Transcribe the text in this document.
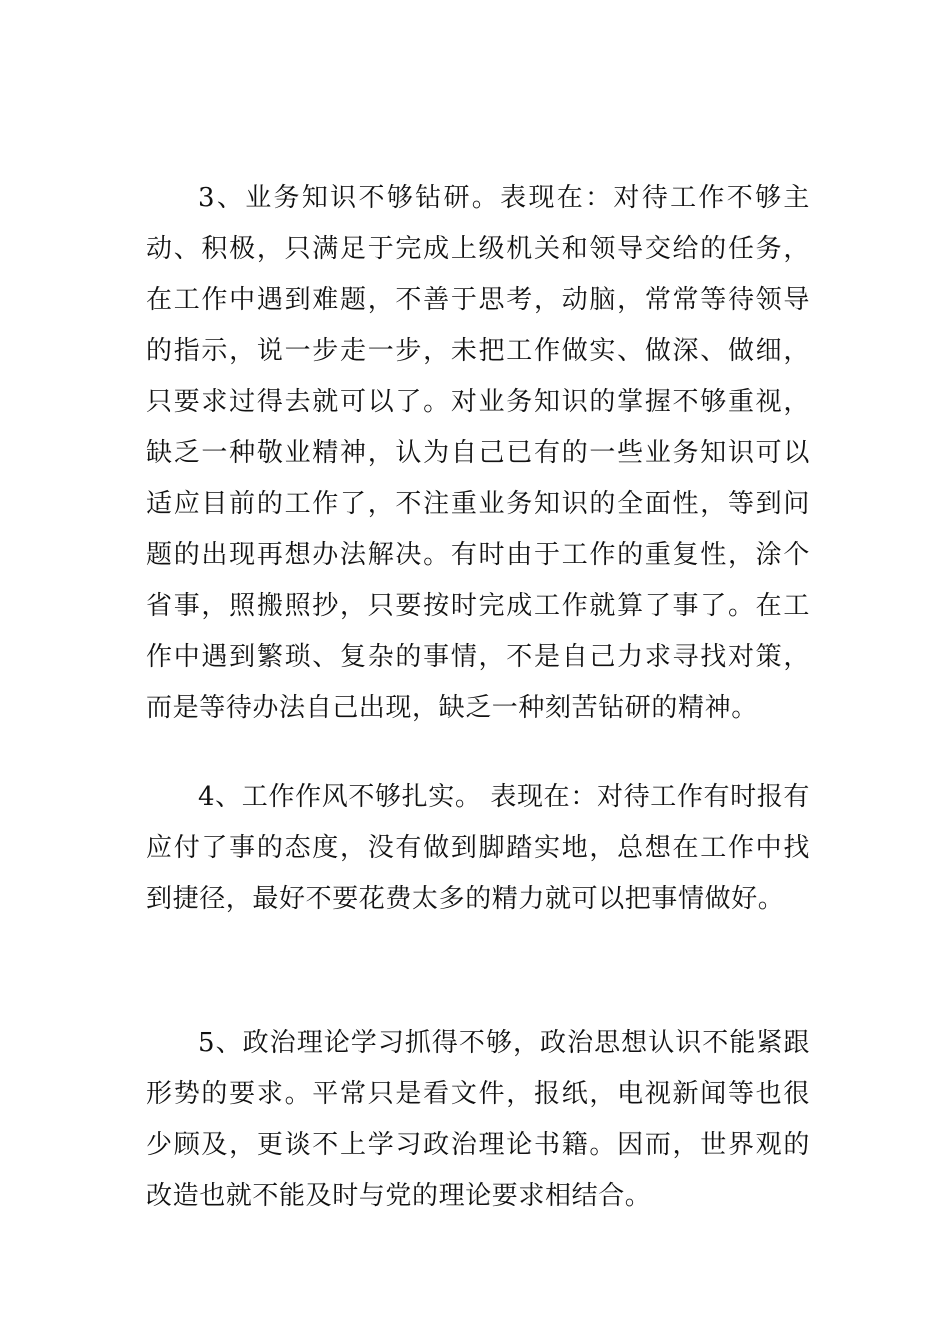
3、业务知识不够钻研。表现在：对待工作不够主动、积极，只满足于完成上级机关和领导交给的任务，在工作中遇到难题，不善于思考，动脑，常常等待领导的指示，说一步走一步，未把工作做实、做深、做细，只要求过得去就可以了。对业务知识的掌握不够重视，缺乏一种敬业精神，认为自己已有的一些业务知识可以适应目前的工作了，不注重业务知识的全面性，等到问题的出现再想办法解决。有时由于工作的重复性，涂个省事，照搬照抄，只要按时完成工作就算了事了。在工作中遇到繁琐、复杂的事情，不是自己力求寻找对策，而是等待办法自己出现，缺乏一种刻苦钻研的精神。

4、工作作风不够扎实。 表现在：对待工作有时报有应付了事的态度，没有做到脚踏实地，总想在工作中找到捷径，最好不要花费太多的精力就可以把事情做好。

5、政治理论学习抓得不够，政治思想认识不能紧跟形势的要求。平常只是看文件，报纸，电视新闻等也很少顾及，更谈不上学习政治理论书籍。因而，世界观的改造也就不能及时与党的理论要求相结合。
